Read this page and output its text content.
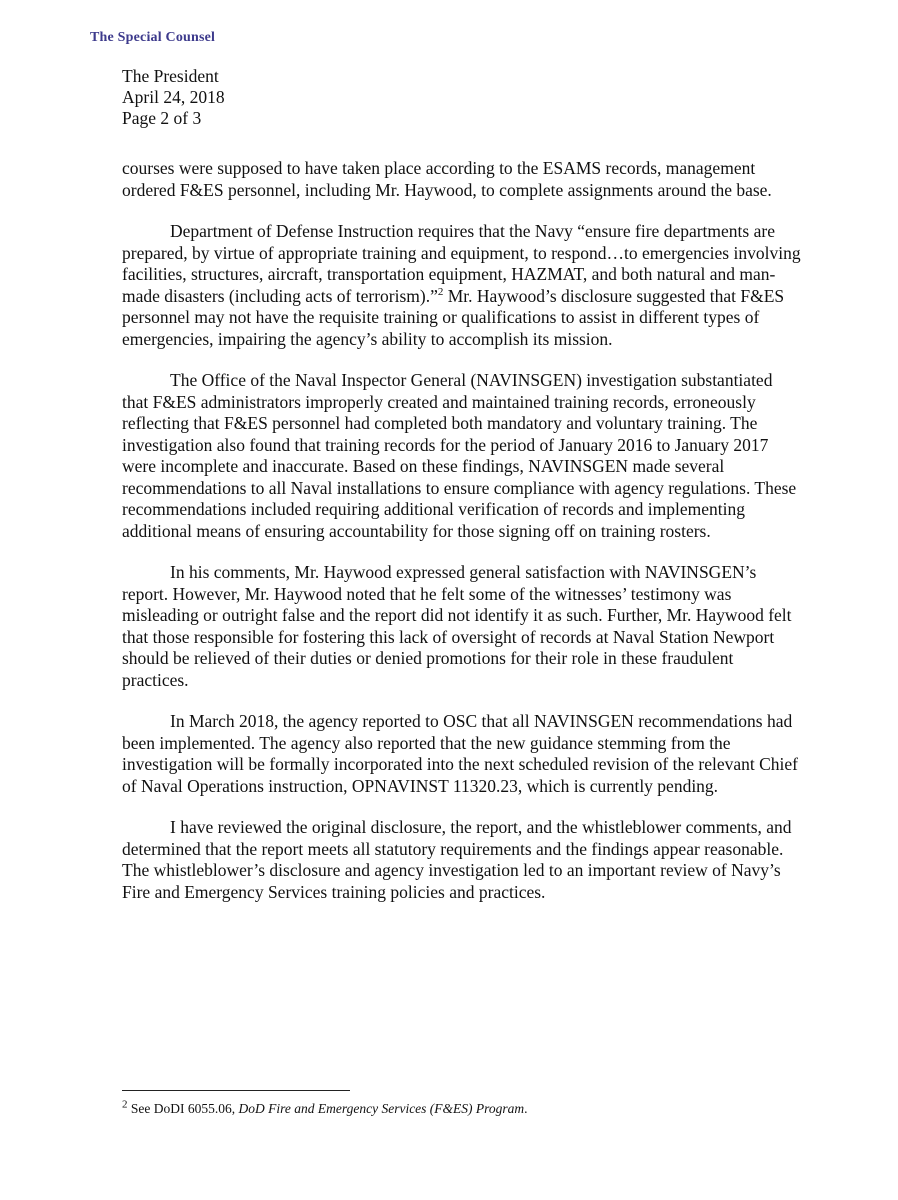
The Special Counsel
The President
April 24, 2018
Page 2 of 3

courses were supposed to have taken place according to the ESAMS records, management ordered F&ES personnel, including Mr. Haywood, to complete assignments around the base.

Department of Defense Instruction requires that the Navy “ensure fire departments are prepared, by virtue of appropriate training and equipment, to respond…to emergencies involving facilities, structures, aircraft, transportation equipment, HAZMAT, and both natural and man-made disasters (including acts of terrorism).”$^2$ Mr. Haywood’s disclosure suggested that F&ES personnel may not have the requisite training or qualifications to assist in different types of emergencies, impairing the agency’s ability to accomplish its mission.

The Office of the Naval Inspector General (NAVINSGEN) investigation substantiated that F&ES administrators improperly created and maintained training records, erroneously reflecting that F&ES personnel had completed both mandatory and voluntary training. The investigation also found that training records for the period of January 2016 to January 2017 were incomplete and inaccurate. Based on these findings, NAVINSGEN made several recommendations to all Naval installations to ensure compliance with agency regulations. These recommendations included requiring additional verification of records and implementing additional means of ensuring accountability for those signing off on training rosters.

In his comments, Mr. Haywood expressed general satisfaction with NAVINSGEN’s report. However, Mr. Haywood noted that he felt some of the witnesses’ testimony was misleading or outright false and the report did not identify it as such. Further, Mr. Haywood felt that those responsible for fostering this lack of oversight of records at Naval Station Newport should be relieved of their duties or denied promotions for their role in these fraudulent practices.

In March 2018, the agency reported to OSC that all NAVINSGEN recommendations had been implemented. The agency also reported that the new guidance stemming from the investigation will be formally incorporated into the next scheduled revision of the relevant Chief of Naval Operations instruction, OPNAVINST 11320.23, which is currently pending.

I have reviewed the original disclosure, the report, and the whistleblower comments, and determined that the report meets all statutory requirements and the findings appear reasonable. The whistleblower’s disclosure and agency investigation led to an important review of Navy’s Fire and Emergency Services training policies and practices.

$^2$ See DoDI 6055.06, DoD Fire and Emergency Services (F&ES) Program.
